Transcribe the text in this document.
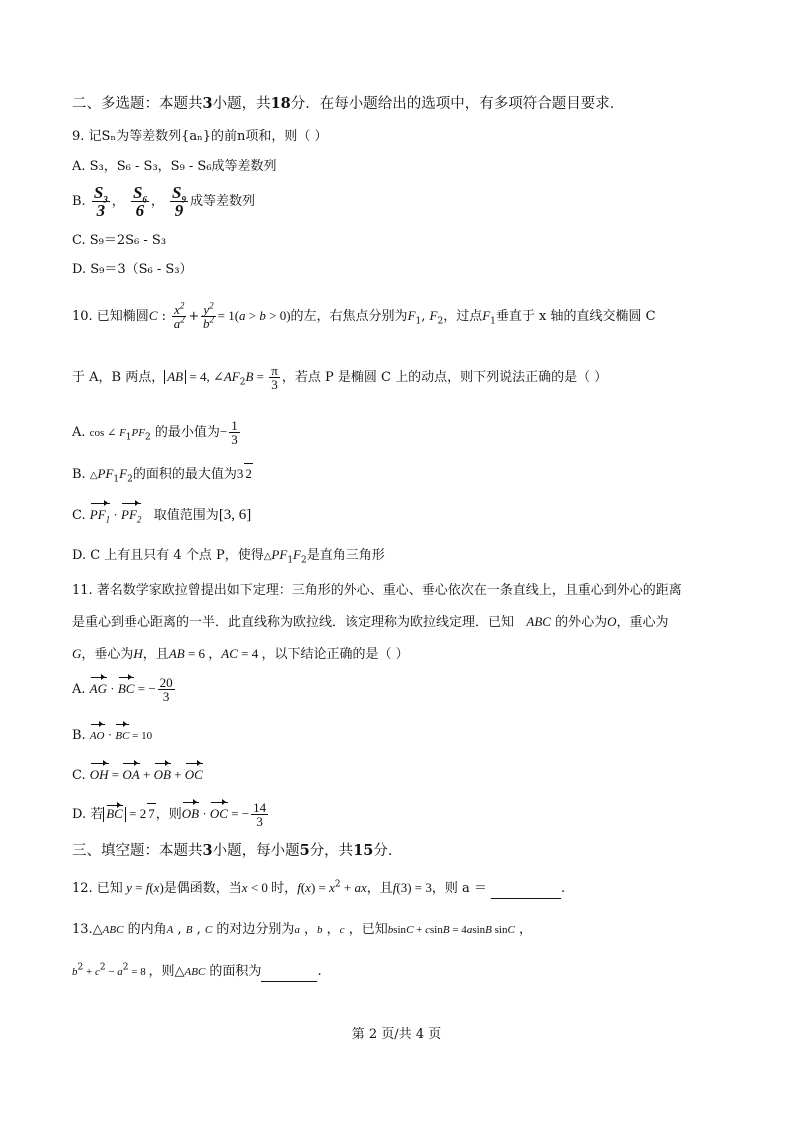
二、多选题：本题共3小题，共18分．在每小题给出的选项中，有多项符合题目要求．
9. 记Sₙ为等差数列{aₙ}的前n项和，则（ ）
A. S₃，S₆ - S₃，S₉ - S₆成等差数列
B. $\frac{S_3}{3}$ ， $\frac{S_6}{6}$ ， $\frac{S_9}{9}$ 成等差数列
C. S₉＝2S₆ - S₃
D. S₉＝3（S₆ - S₃）
10. 已知椭圆C : $\frac{x^2}{a^2} + \frac{y^2}{b^2} = 1(a > b > 0)$的左，右焦点分别为$F_1$, $F_2$，过点$F_1$垂直于 x 轴的直线交椭圆 C
于 A，B 两点， AB = 4, $\angle AF_2B = \frac{\pi}{3}$ ，若点 P 是椭圆 C 上的动点，则下列说法正确的是（ ）
A. cos ∠ $F_1PF_2$ 的最小值为− $\frac{1}{3}$
B. $\triangle PF_1F_2$的面积的最大值为3 2
C. $PF_1 \cdot PF_2$ 取值范围为[3, 6]
D. C 上有且只有 4 个点 P，使得$\triangle PF_1F_2$是直角三角形
11. 著名数学家欧拉曾提出如下定理：三角形的外心、重心、垂心依次在一条直线上，且重心到外心的距离
是重心到垂心距离的一半．此直线称为欧拉线．该定理称为欧拉线定理．已知 ABC 的外心为O，重心为
G，垂心为H，且AB = 6 ，AC = 4 ，以下结论正确的是（ ）
A. AG · BC = − $\frac{20}{3}$
B. AO · BC = 10
C. OH = OA + OB + OC
D. 若 BC = 2 7，则OB · OC = − $\frac{14}{3}$
三、填空题：本题共3小题，每小题5分，共15分．
12. 已知 y = f(x)是偶函数，当x < 0 时，$f(x) = x^2$ + ax，且f(3) = 3，则 a ＝	.
13.△ABC 的内角A , B , C 的对边分别为a ，b ，c ，已知bsinC + csinB = 4asinB sinC ，
$b^2 + c^2 - a^2 = 8$ ，则△ABC 的面积为	.
第 2 页/共 4 页
